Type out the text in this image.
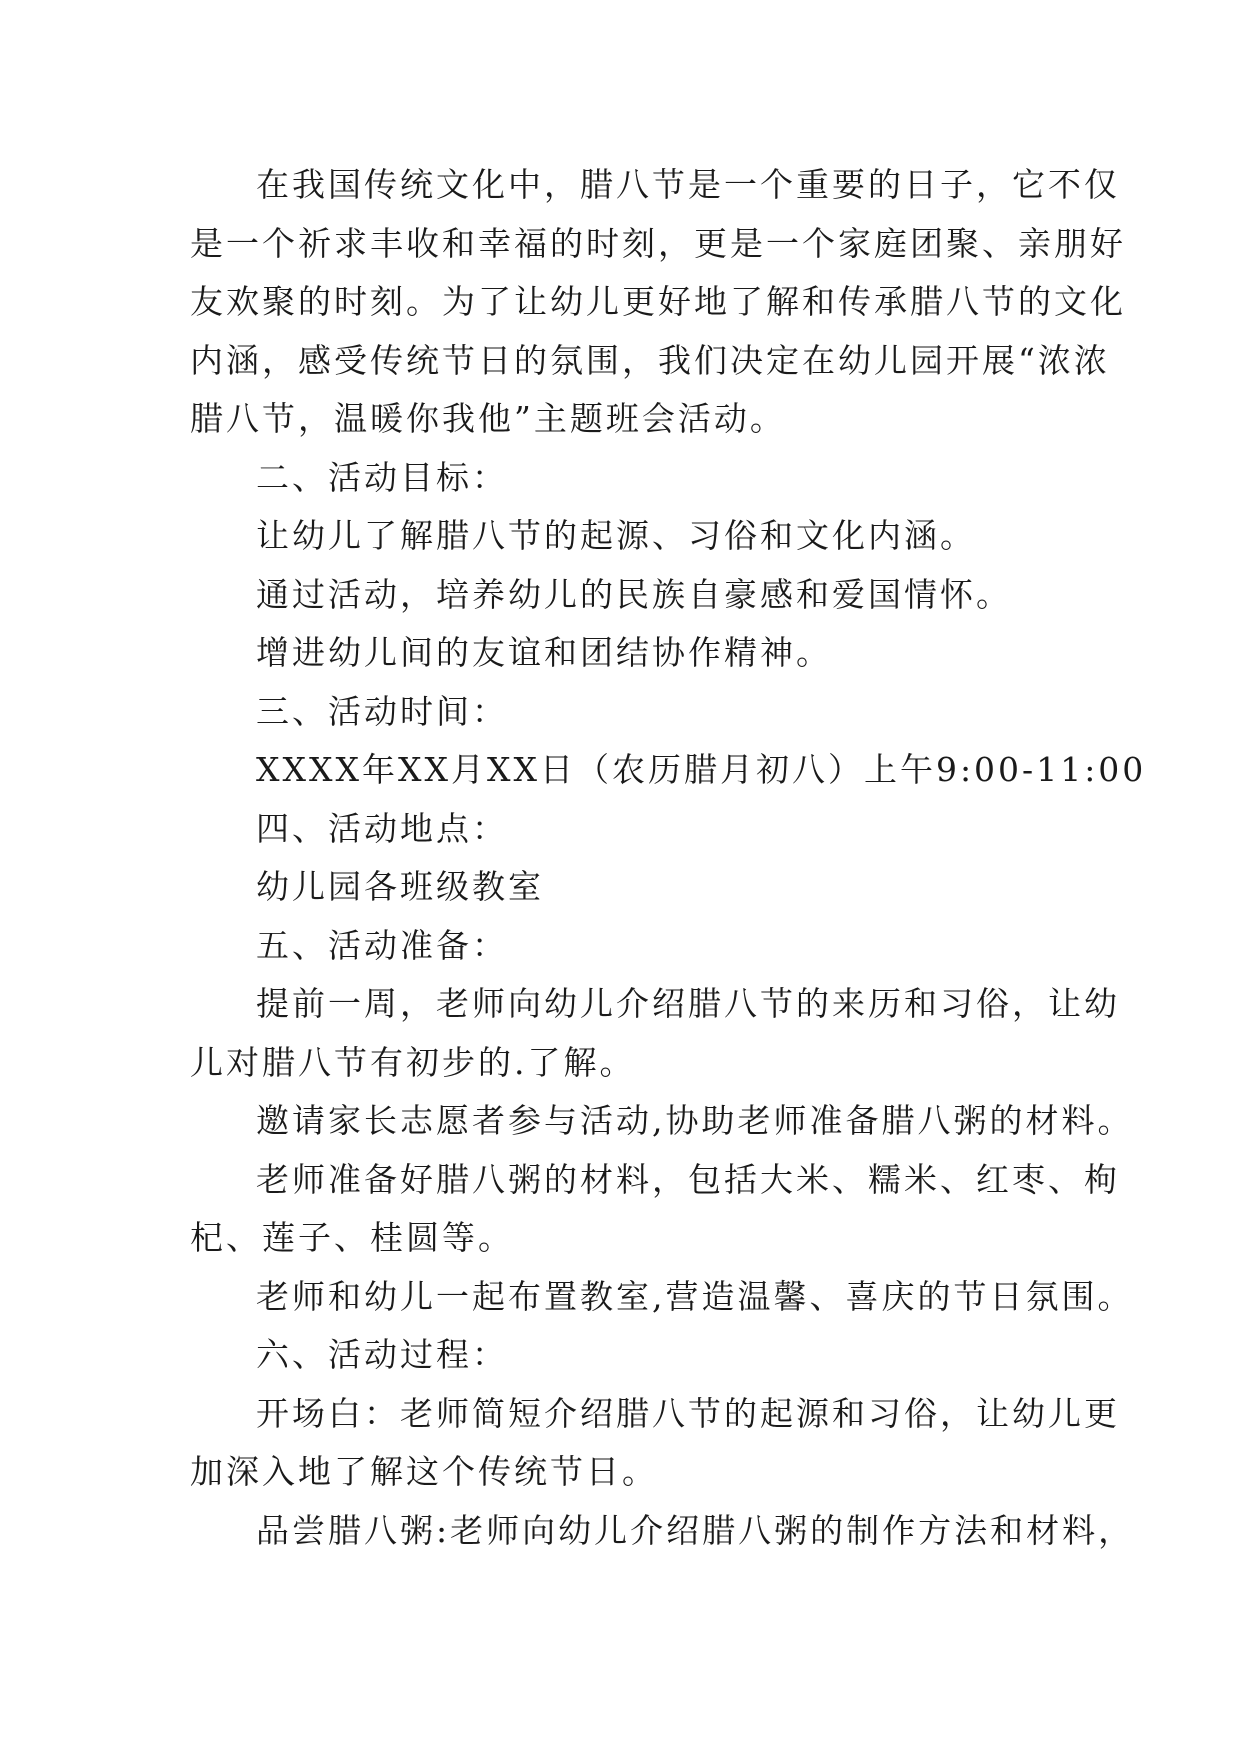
在我国传统文化中，腊八节是一个重要的日子，它不仅
是一个祈求丰收和幸福的时刻，更是一个家庭团聚、亲朋好
友欢聚的时刻。为了让幼儿更好地了解和传承腊八节的文化
内涵，感受传统节日的氛围，我们决定在幼儿园开展“浓浓
腊八节，温暖你我他”主题班会活动。

二、活动目标：

让幼儿了解腊八节的起源、习俗和文化内涵。

通过活动，培养幼儿的民族自豪感和爱国情怀。

增进幼儿间的友谊和团结协作精神。

三、活动时间：

XXXX年XX月XX日（农历腊月初八）上午9:00-11:00

四、活动地点：

幼儿园各班级教室

五、活动准备：

提前一周，老师向幼儿介绍腊八节的来历和习俗，让幼
儿对腊八节有初步的.了解。

邀请家长志愿者参与活动,协助老师准备腊八粥的材料。

老师准备好腊八粥的材料，包括大米、糯米、红枣、枸
杞、莲子、桂圆等。

老师和幼儿一起布置教室,营造温馨、喜庆的节日氛围。

六、活动过程：

开场白：老师简短介绍腊八节的起源和习俗，让幼儿更
加深入地了解这个传统节日。

品尝腊八粥:老师向幼儿介绍腊八粥的制作方法和材料，
